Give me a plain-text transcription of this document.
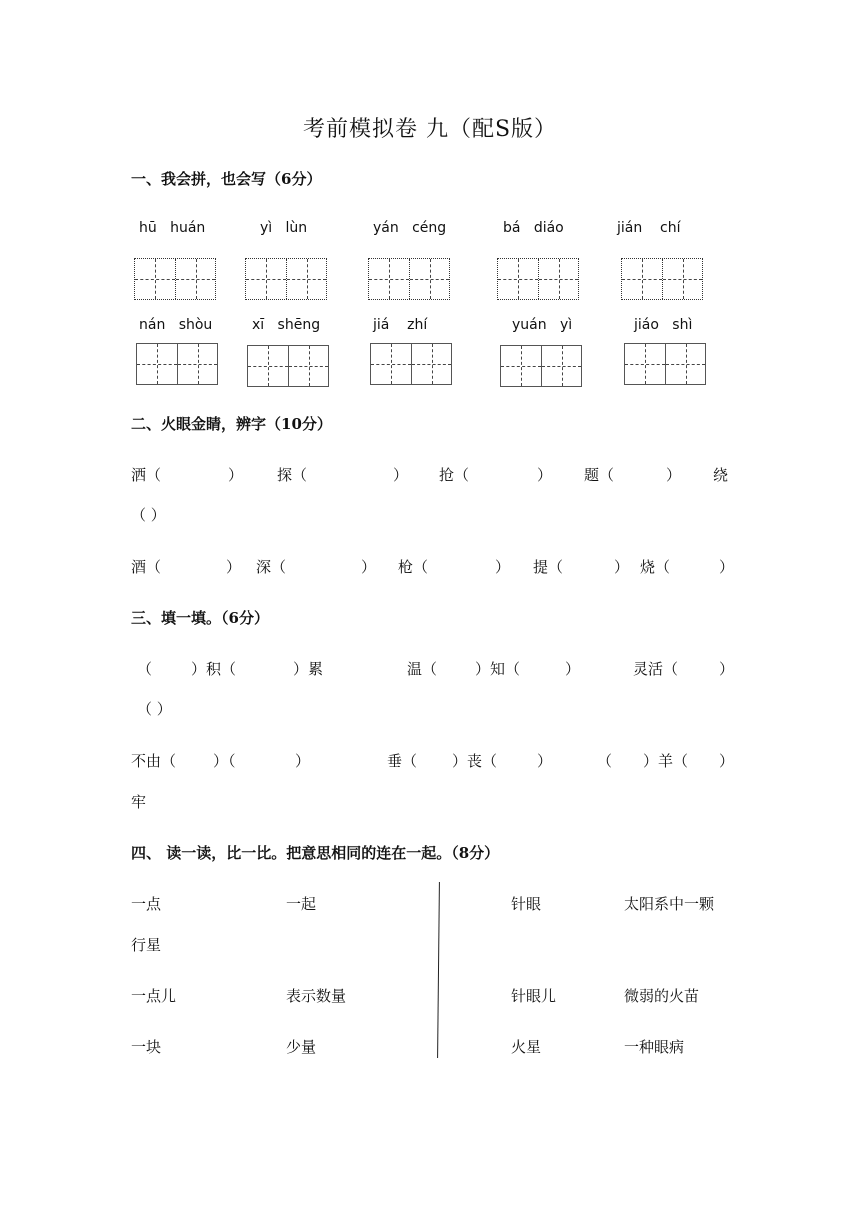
考前模拟卷 九（配S版）
一、我会拼，也会写（6分）
hū huán	yì lùn	yán céng	bá diáo	jián chí
nán shòu	xī shēng	jiá zhí	yuán yì	jiáo shì
二、火眼金睛，辨字（10分）
洒（	） 探（	） 抢（	） 题（	） 绕
（ ）
酒（	） 深（	） 枪（	） 提（	） 烧（	）
三、填一填。（6分）
（	）积（	）累	温（	）知（	）	灵活（	）
（ ）
不由（ ）（	）	垂（ ）丧（	）	（ ）羊（ ）
牢
四、 读一读，比一比。把意思相同的连在一起。（8分）
一点	一起	针眼	太阳系中一颗
行星
一点儿	表示数量	针眼儿	微弱的火苗
一块	少量	火星	一种眼病
